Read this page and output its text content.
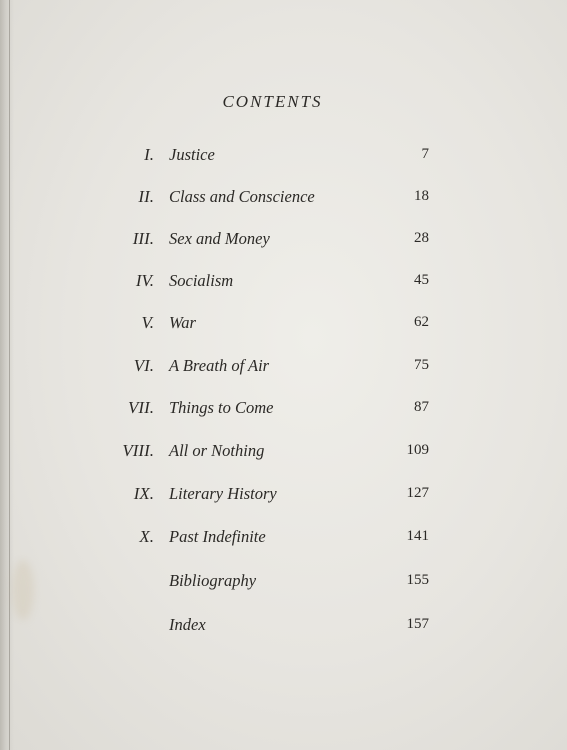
CONTENTS
I. Justice	7
II. Class and Conscience	18
III. Sex and Money	28
IV. Socialism	45
V. War	62
VI. A Breath of Air	75
VII. Things to Come	87
VIII. All or Nothing	109
IX. Literary History	127
X. Past Indefinite	141
Bibliography	155
Index	157
